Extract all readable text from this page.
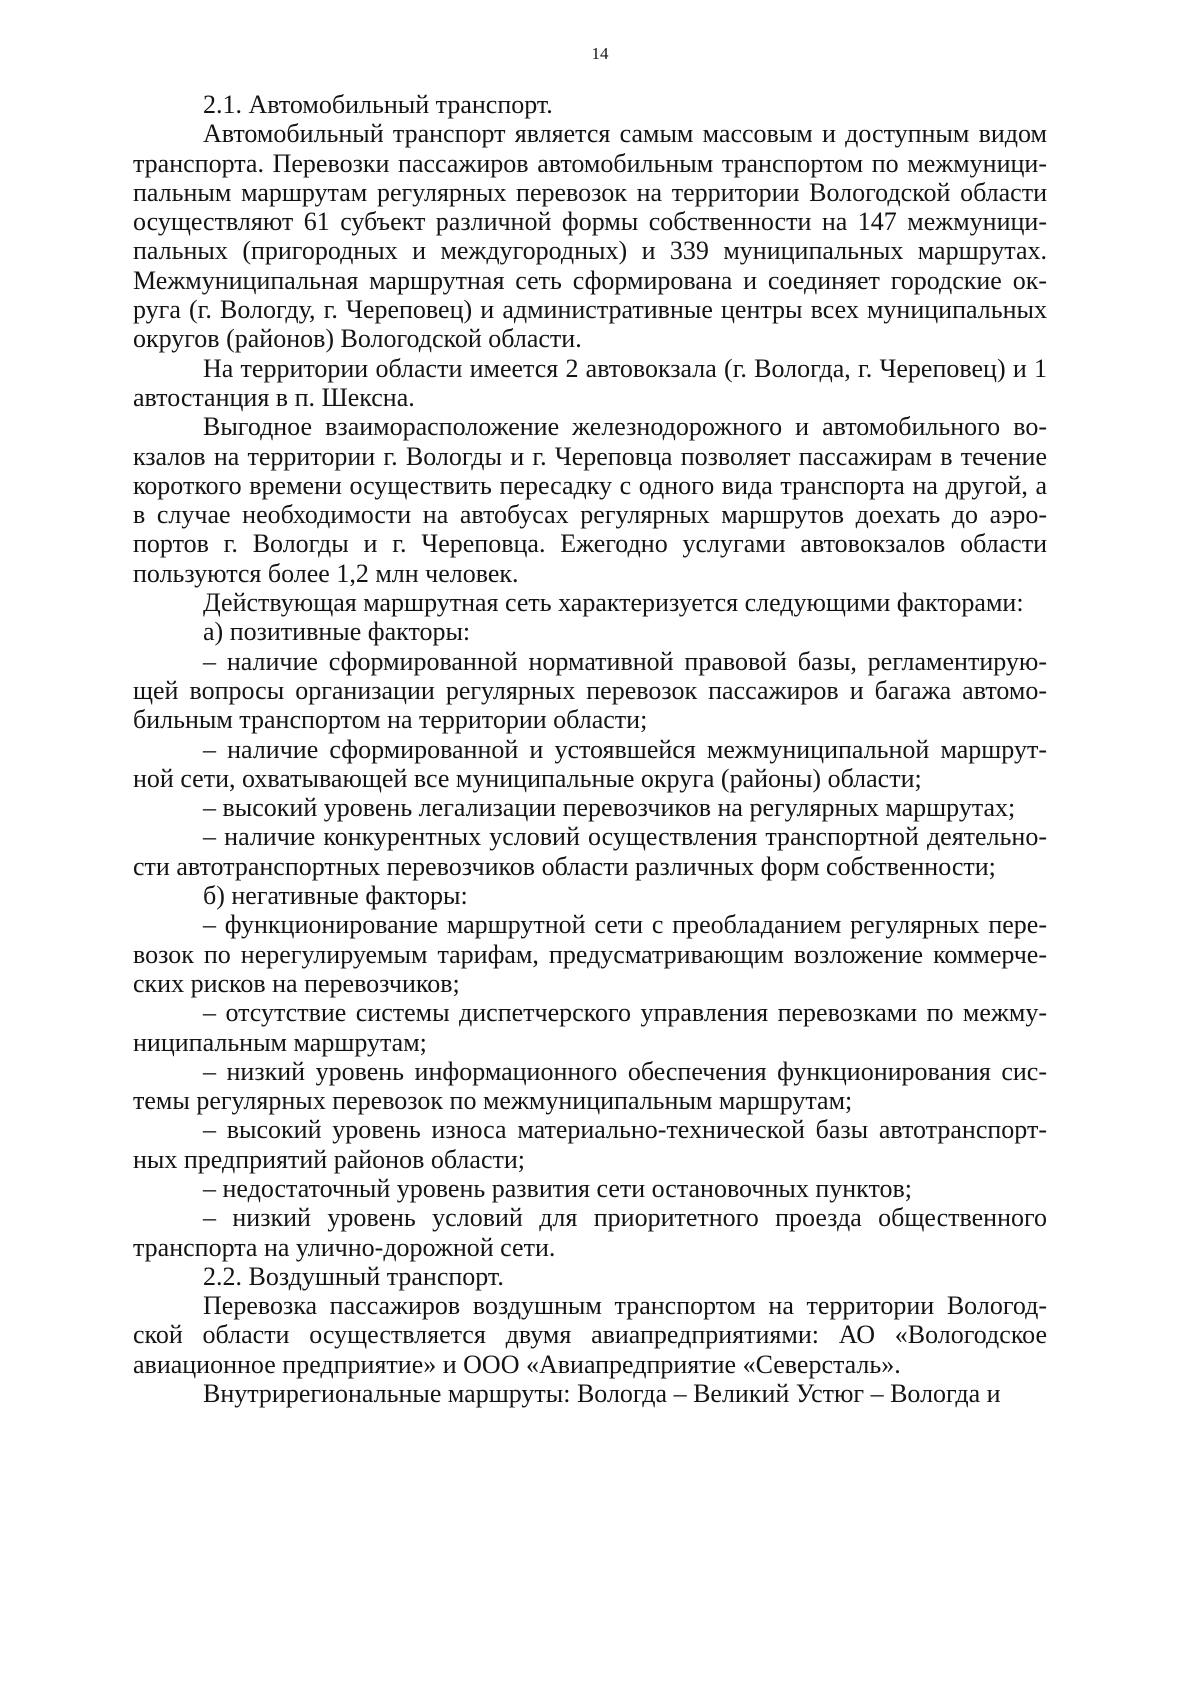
14

2.1. Автомобильный транспорт.

Автомобильный транспорт является самым массовым и доступным видом транспорта. Перевозки пассажиров автомобильным транспортом по межмуниципальным маршрутам регулярных перевозок на территории Вологодской области осуществляют 61 субъект различной формы собственности на 147 межмуниципальных (пригородных и междугородных) и 339 муниципальных маршрутах. Межмуниципальная маршрутная сеть сформирована и соединяет городские округа (г. Вологду, г. Череповец) и административные центры всех муниципальных округов (районов) Вологодской области.

На территории области имеется 2 автовокзала (г. Вологда, г. Череповец) и 1 автостанция в п. Шексна.

Выгодное взаиморасположение железнодорожного и автомобильного вокзалов на территории г. Вологды и г. Череповца позволяет пассажирам в течение короткого времени осуществить пересадку с одного вида транспорта на другой, а в случае необходимости на автобусах регулярных маршрутов доехать до аэропортов г. Вологды и г. Череповца. Ежегодно услугами автовокзалов области пользуются более 1,2 млн человек.

Действующая маршрутная сеть характеризуется следующими факторами:

а) позитивные факторы:

– наличие сформированной нормативной правовой базы, регламентирующей вопросы организации регулярных перевозок пассажиров и багажа автомобильным транспортом на территории области;

– наличие сформированной и устоявшейся межмуниципальной маршрутной сети, охватывающей все муниципальные округа (районы) области;

– высокий уровень легализации перевозчиков на регулярных маршрутах;

– наличие конкурентных условий осуществления транспортной деятельности автотранспортных перевозчиков области различных форм собственности;

б) негативные факторы:

– функционирование маршрутной сети с преобладанием регулярных перевозок по нерегулируемым тарифам, предусматривающим возложение коммерческих рисков на перевозчиков;

– отсутствие системы диспетчерского управления перевозками по межмуниципальным маршрутам;

– низкий уровень информационного обеспечения функционирования системы регулярных перевозок по межмуниципальным маршрутам;

– высокий уровень износа материально-технической базы автотранспортных предприятий районов области;

– недостаточный уровень развития сети остановочных пунктов;

– низкий уровень условий для приоритетного проезда общественного транспорта на улично-дорожной сети.

2.2. Воздушный транспорт.

Перевозка пассажиров воздушным транспортом на территории Вологодской области осуществляется двумя авиапредприятиями: АО «Вологодское авиационное предприятие» и ООО «Авиапредприятие «Северсталь».

Внутрирегиональные маршруты: Вологда – Великий Устюг – Вологда и
